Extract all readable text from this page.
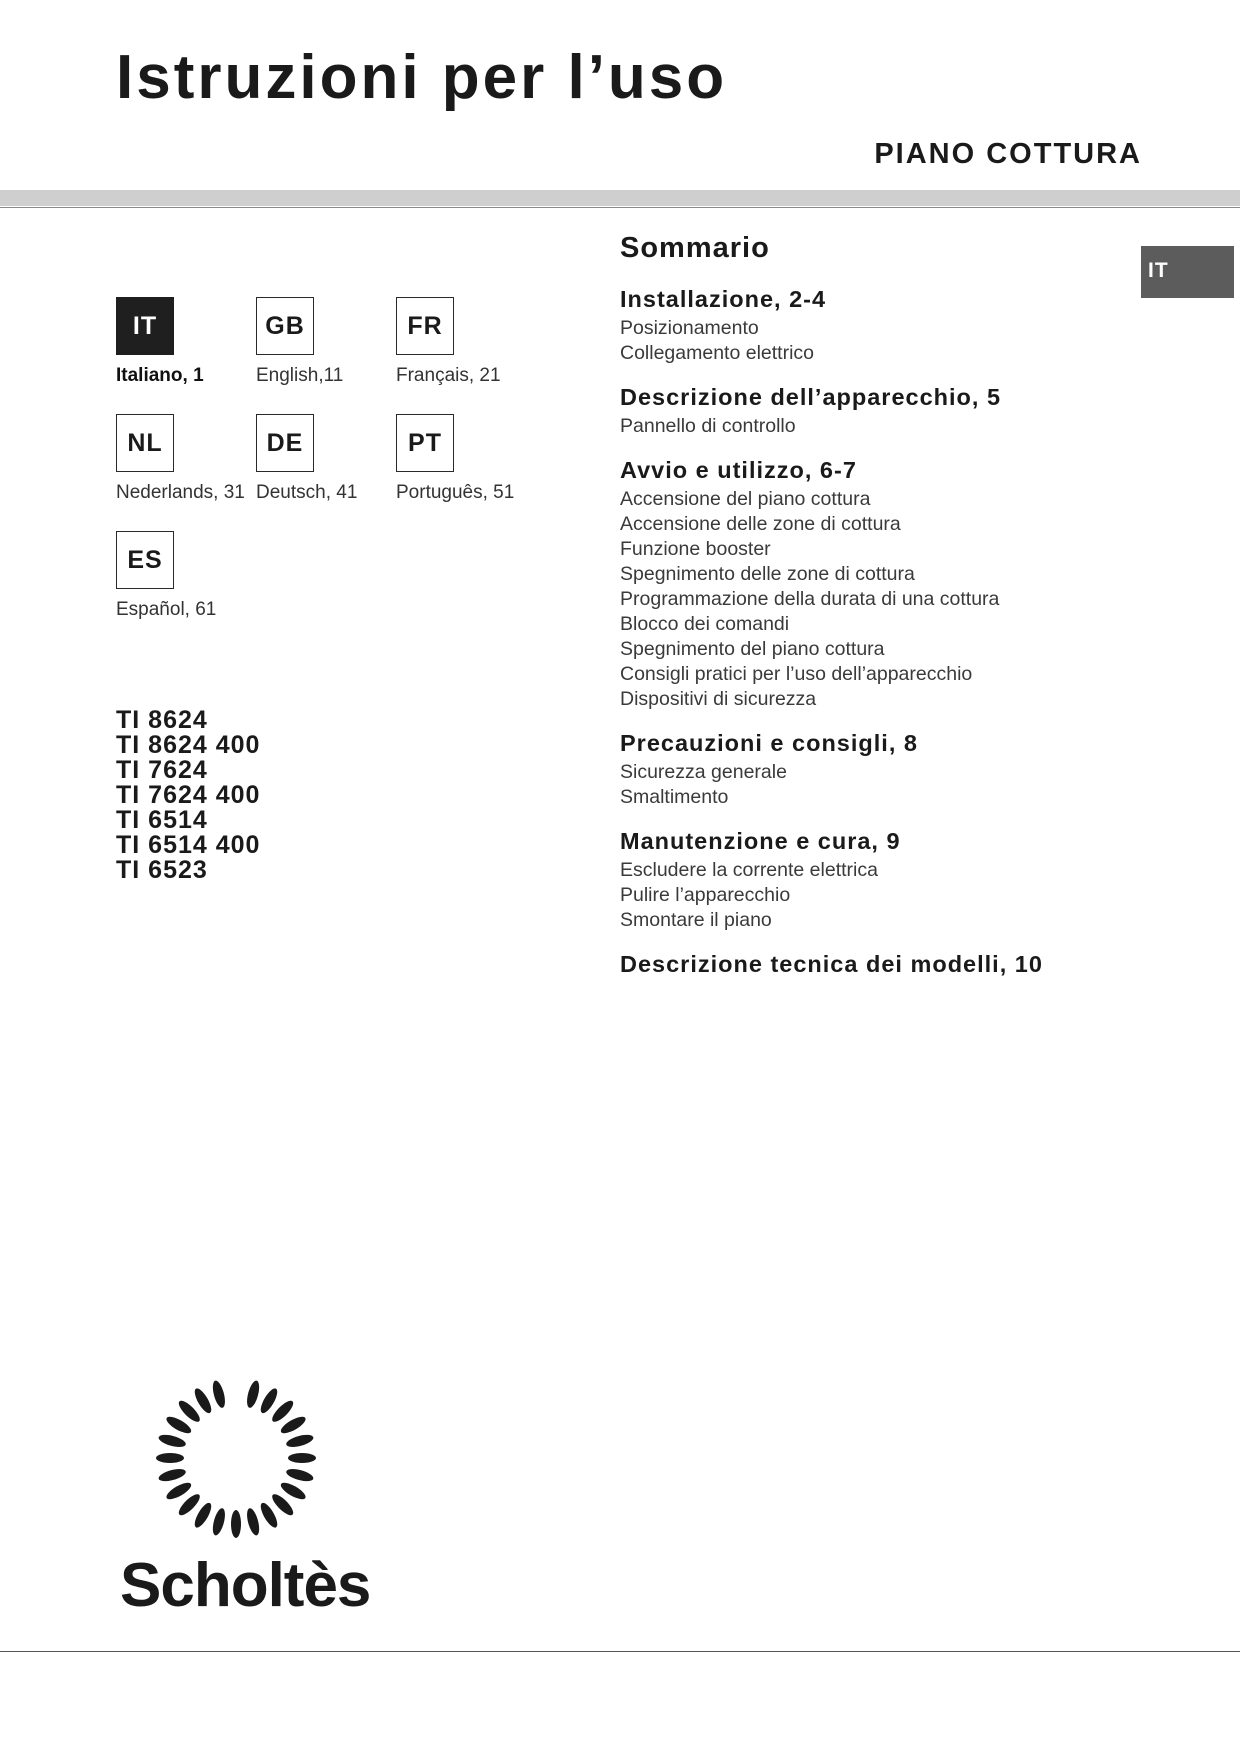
Istruzioni per l’uso
PIANO COTTURA
IT
IT
Italiano, 1
GB
English,11
FR
Français, 21
NL
Nederlands, 31
DE
Deutsch, 41
PT
Português, 51
ES
Español, 61
TI 8624
TI 8624 400
TI 7624
TI 7624 400
TI 6514
TI 6514 400
TI 6523
Sommario
Installazione, 2-4
Posizionamento
Collegamento elettrico
Descrizione dell’apparecchio, 5
Pannello di controllo
Avvio e utilizzo, 6-7
Accensione del piano cottura
Accensione delle zone di cottura
Funzione booster
Spegnimento delle zone di cottura
Programmazione della durata di una cottura
Blocco dei comandi
Spegnimento del piano cottura
Consigli pratici per l’uso dell’apparecchio
Dispositivi di sicurezza
Precauzioni e consigli, 8
Sicurezza generale
Smaltimento
Manutenzione e cura, 9
Escludere la corrente elettrica
Pulire l’apparecchio
Smontare il piano
Descrizione tecnica dei modelli, 10

Scholtès
